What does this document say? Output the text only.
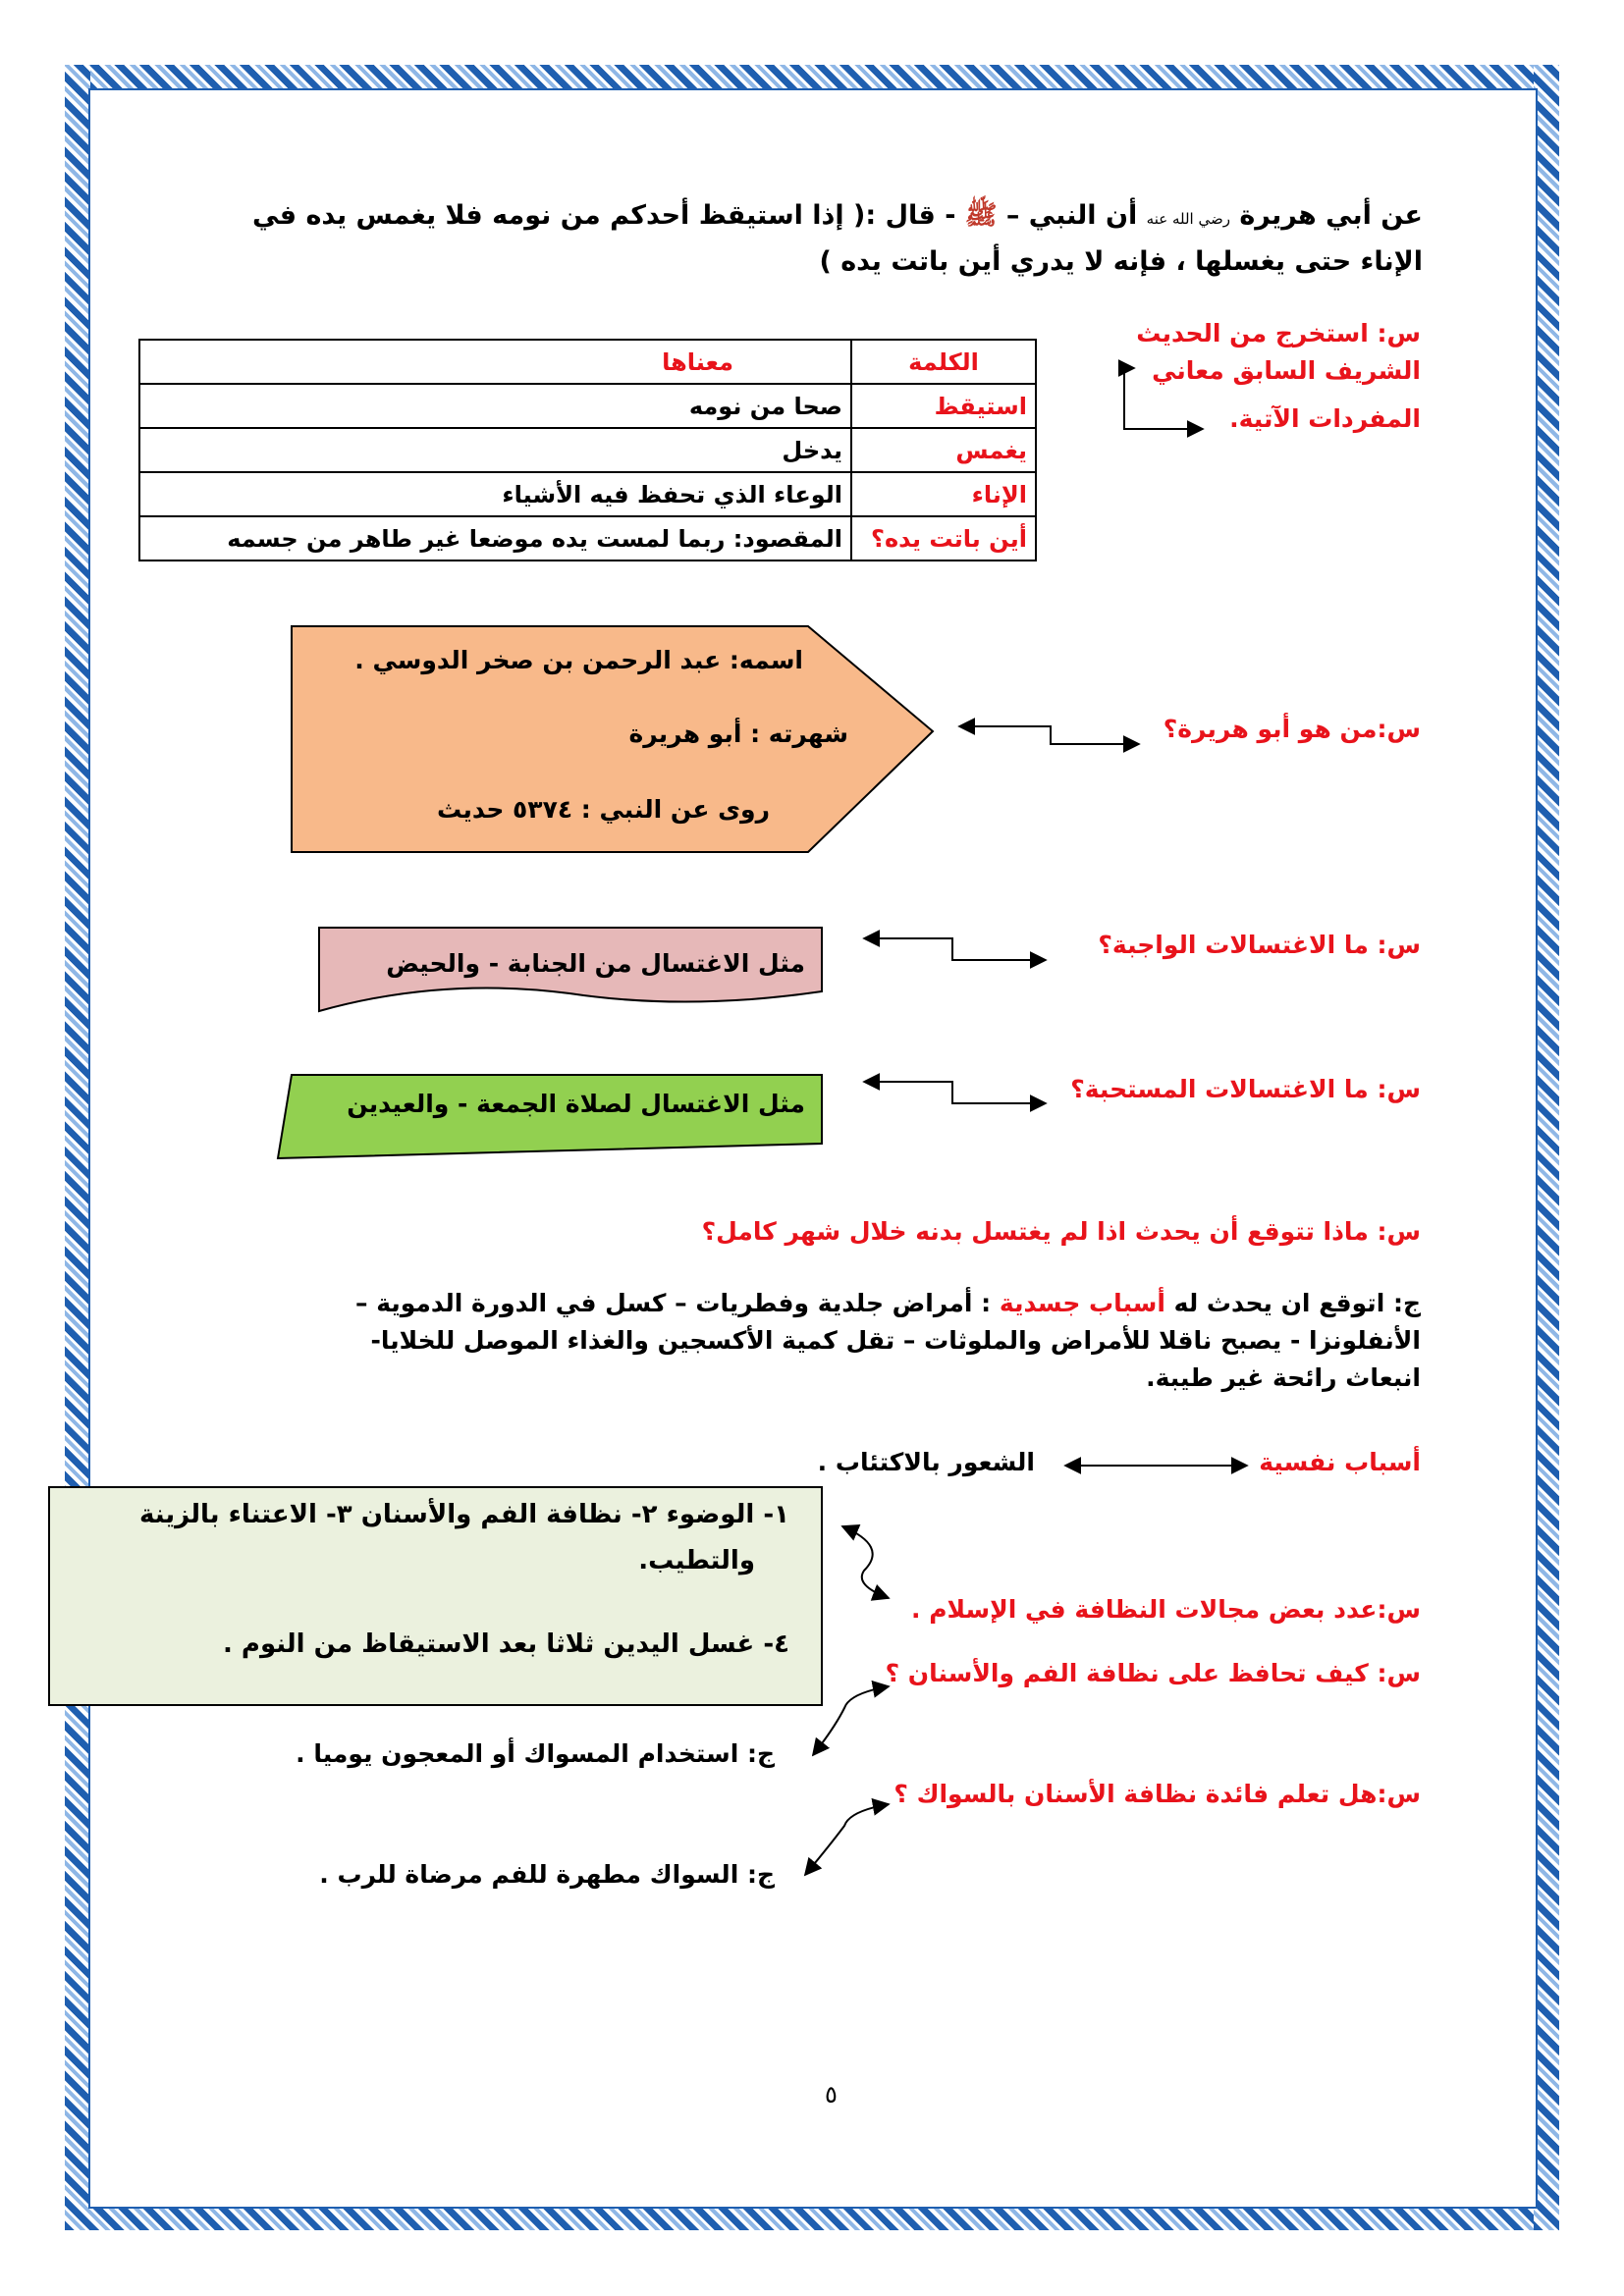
عن أبي هريرة رضي الله عنه أن النبي – ﷺ - قال :( إذا استيقظ أحدكم من نومه فلا يغمس يده في الإناء حتى يغسلها ، فإنه لا يدري أين باتت يده )
س: استخرج من الحديث
الشريف السابق معاني
المفردات الآتية.
الكلمة	معناها
استيقظ	صحا من نومه
يغمس	يدخل
الإناء	الوعاء الذي تحفظ فيه الأشياء
أين باتت يده؟	المقصود: ربما لمست يده موضعا غير طاهر من جسمه
س:من هو أبو هريرة؟
اسمه: عبد الرحمن بن صخر الدوسي .
شهرته : أبو هريرة
روى عن النبي : ٥٣٧٤ حديث
س: ما الاغتسالات الواجبة؟
مثل الاغتسال من الجنابة - والحيض
س: ما الاغتسالات المستحبة؟
مثل الاغتسال لصلاة الجمعة - والعيدين
س: ماذا تتوقع أن يحدث اذا لم يغتسل بدنه خلال شهر كامل؟
ج: اتوقع ان يحدث له أسباب جسدية : أمراض جلدية وفطريات – كسل في الدورة الدموية –
الأنفلونزا - يصبح ناقلا للأمراض والملوثات – تقل كمية الأكسجين والغذاء الموصل للخلايا-
انبعاث رائحة غير طيبة.
أسباب نفسية
الشعور بالاكتئاب .
١- الوضوء ٢- نظافة الفم والأسنان ٣- الاعتناء بالزينة
والتطيب.
٤- غسل اليدين ثلاثا بعد الاستيقاظ من النوم .
س:عدد بعض مجالات النظافة في الإسلام .
س: كيف تحافظ على نظافة الفم والأسنان ؟
ج: استخدام المسواك أو المعجون يوميا .
س:هل تعلم فائدة نظافة الأسنان بالسواك ؟
ج: السواك مطهرة للفم مرضاة للرب .
٥
